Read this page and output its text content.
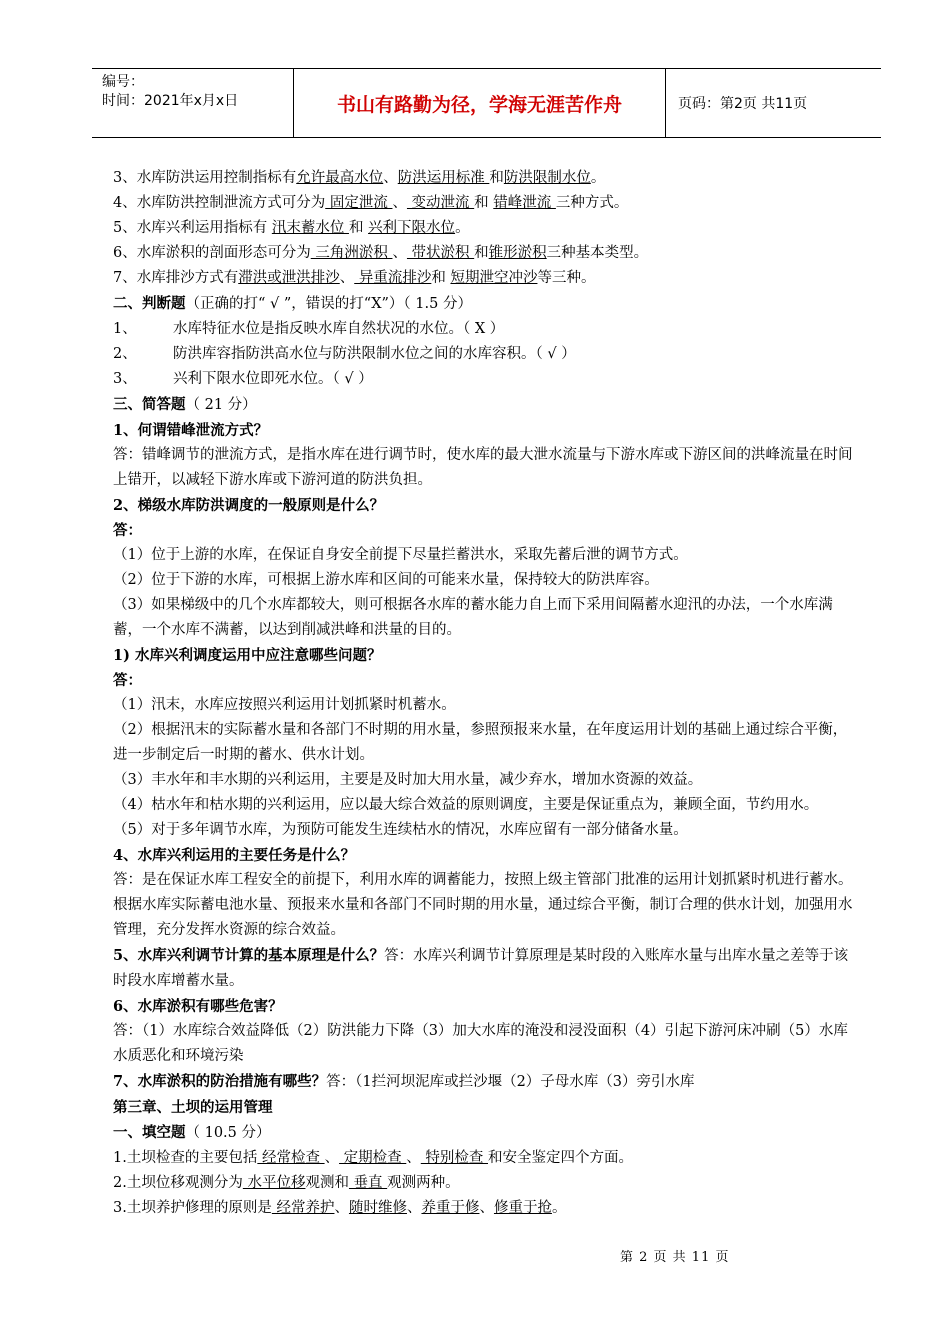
编号：
时间：2021年x月x日	书山有路勤为径，学海无涯苦作舟	页码：第2页 共11页
3、水库防洪运用控制指标有允许最高水位、防洪运用标准 和防洪限制水位。
4、水库防洪控制泄流方式可分为 固定泄流 、 变动泄流 和 错峰泄流 三种方式。
5、水库兴利运用指标有 汛末蓄水位 和 兴利下限水位。
6、水库淤积的剖面形态可分为 三角洲淤积 、 带状淤积 和锥形淤积三种基本类型。
7、水库排沙方式有滞洪或泄洪排沙、 异重流排沙和 短期泄空冲沙等三种。
二、判断题（正确的打“ √ ”，错误的打“X”）（ 1.5 分）
1、	水库特征水位是指反映水库自然状况的水位。（ X ）
2、	防洪库容指防洪高水位与防洪限制水位之间的水库容积。（ √ ）
3、	兴利下限水位即死水位。（ √ ）
三、简答题（ 21 分）
1、何谓错峰泄流方式？
答：错峰调节的泄流方式，是指水库在进行调节时，使水库的最大泄水流量与下游水库或下游区间的洪峰流量在时间上错开，以减轻下游水库或下游河道的防洪负担。
2、梯级水库防洪调度的一般原则是什么？
答：
（1）位于上游的水库，在保证自身安全前提下尽量拦蓄洪水，采取先蓄后泄的调节方式。
（2）位于下游的水库，可根据上游水库和区间的可能来水量，保持较大的防洪库容。
（3）如果梯级中的几个水库都较大，则可根据各水库的蓄水能力自上而下采用间隔蓄水迎汛的办法，一个水库满蓄，一个水库不满蓄，以达到削减洪峰和洪量的目的。
1) 水库兴利调度运用中应注意哪些问题？
答：
（1）汛末，水库应按照兴利运用计划抓紧时机蓄水。
（2）根据汛末的实际蓄水量和各部门不时期的用水量，参照预报来水量，在年度运用计划的基础上通过综合平衡，进一步制定后一时期的蓄水、供水计划。
（3）丰水年和丰水期的兴利运用，主要是及时加大用水量，减少弃水，增加水资源的效益。
（4）枯水年和枯水期的兴利运用，应以最大综合效益的原则调度，主要是保证重点为，兼顾全面，节约用水。
（5）对于多年调节水库，为预防可能发生连续枯水的情况，水库应留有一部分储备水量。
4、水库兴利运用的主要任务是什么？
答：是在保证水库工程安全的前提下，利用水库的调蓄能力，按照上级主管部门批准的运用计划抓紧时机进行蓄水。根据水库实际蓄电池水量、预报来水量和各部门不同时期的用水量，通过综合平衡，制订合理的供水计划，加强用水管理，充分发挥水资源的综合效益。
5、水库兴利调节计算的基本原理是什么？答：水库兴利调节计算原理是某时段的入账库水量与出库水量之差等于该时段水库增蓄水量。
6、水库淤积有哪些危害？
答：（1）水库综合效益降低（2）防洪能力下降（3）加大水库的淹没和浸没面积（4）引起下游河床冲刷（5）水库水质恶化和环境污染
7、水库淤积的防治措施有哪些？答：（1拦河坝泥库或拦沙堰（2）子母水库（3）旁引水库
第三章、土坝的运用管理
一、填空题（ 10.5 分）
1.土坝检查的主要包括 经常检查 、 定期检查 、 特别检查 和安全鉴定四个方面。
2.土坝位移观测分为 水平位移观测和 垂直 观测两种。
3.土坝养护修理的原则是 经常养护、随时维修、养重于修、修重于抢。
第 2 页 共 11 页
